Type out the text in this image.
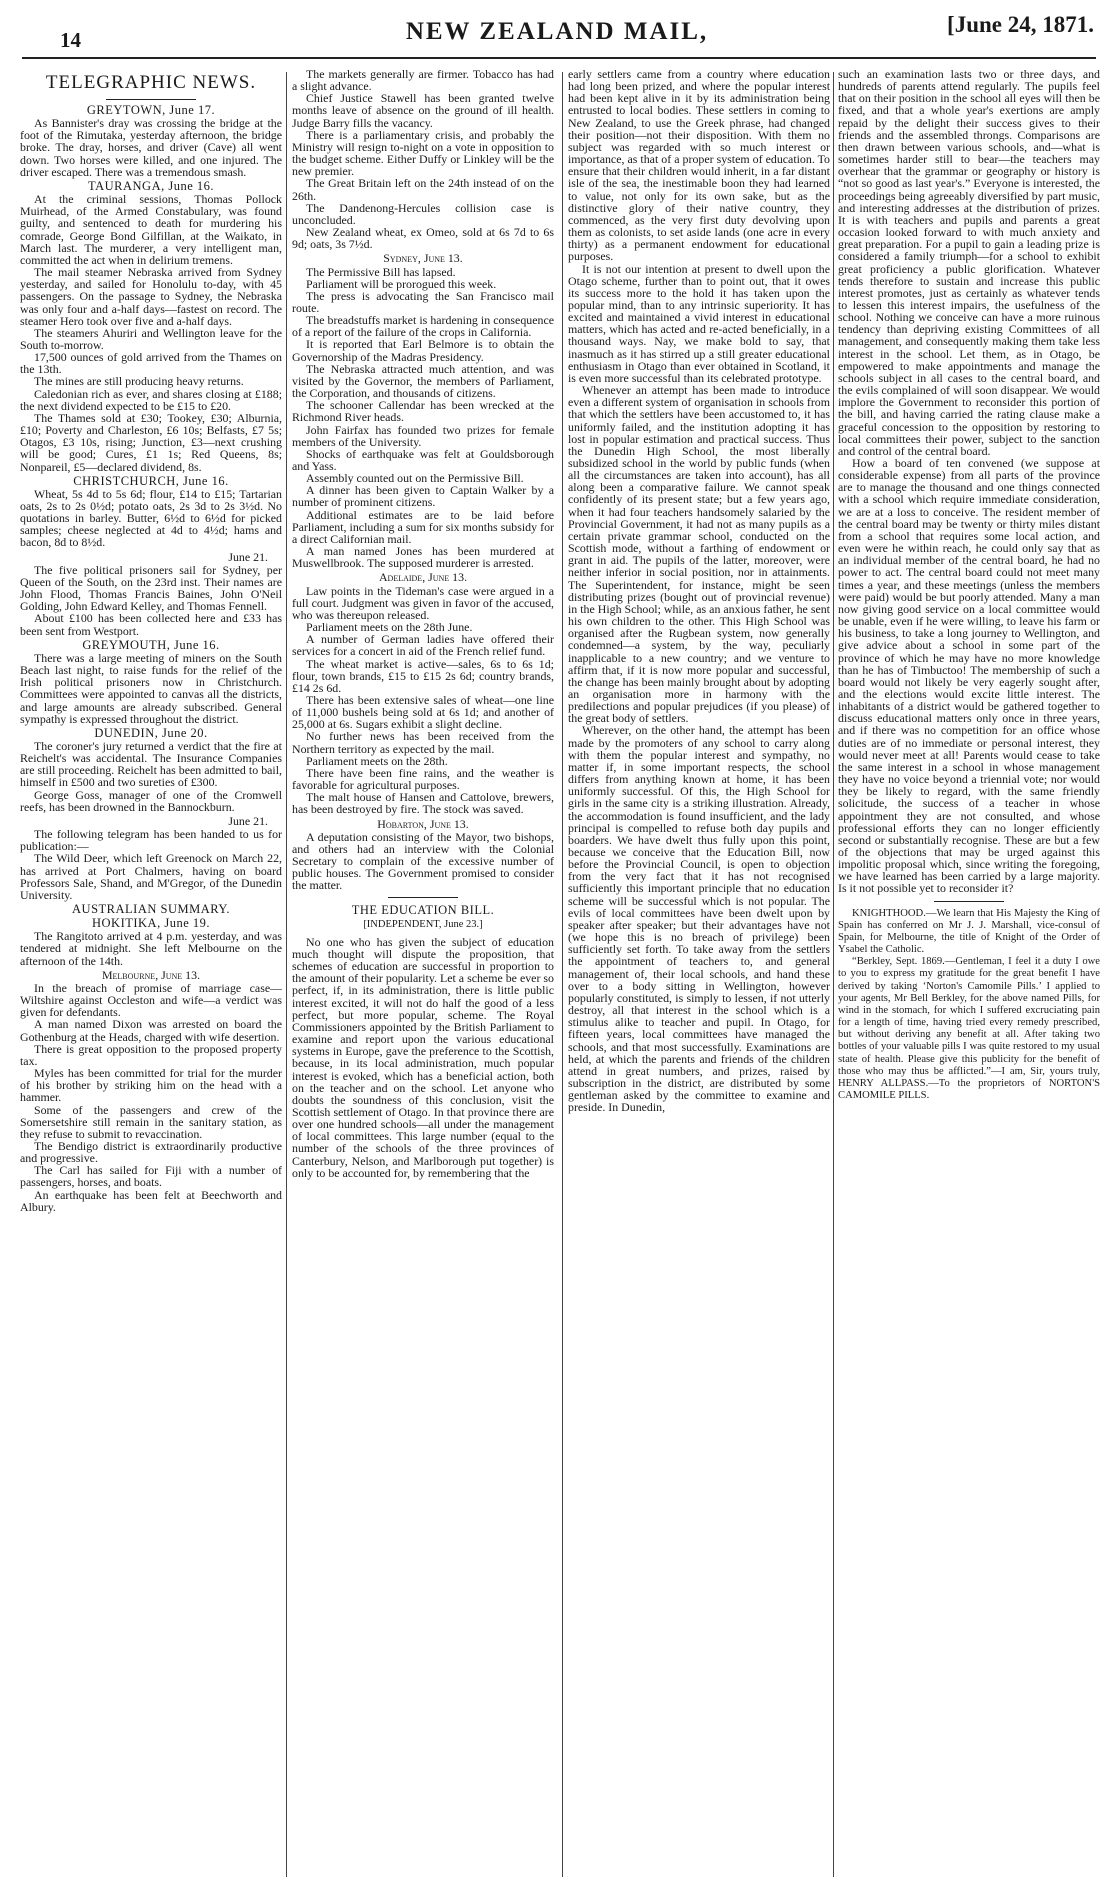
14	NEW ZEALAND MAIL,	[June 24, 1871.
TELEGRAPHIC NEWS.
GREYTOWN, June 17.

As Bannister's dray was crossing the bridge at the foot of the Rimutaka, yesterday afternoon, the bridge broke. The dray, horses, and driver (Cave) all went down. Two horses were killed, and one injured. The driver escaped. There was a tremendous smash.

TAURANGA, June 16.

At the criminal sessions, Thomas Pollock Muirhead, of the Armed Constabulary, was found guilty, and sentenced to death for murdering his comrade, George Bond Gilfillan, at the Waikato, in March last. The murderer, a very intelligent man, committed the act when in delirium tremens.

The mail steamer Nebraska arrived from Sydney yesterday, and sailed for Honolulu to-day, with 45 passengers. On the passage to Sydney, the Nebraska was only four and a-half days—fastest on record. The steamer Hero took over five and a-half days.

The steamers Ahuriri and Wellington leave for the South to-morrow.

17,500 ounces of gold arrived from the Thames on the 13th.

The mines are still producing heavy returns.

Caledonian rich as ever, and shares closing at £188; the next dividend expected to be £15 to £20.

The Thames sold at £30; Tookey, £30; Alburnia, £10; Poverty and Charleston, £6 10s; Belfasts, £7 5s; Otagos, £3 10s, rising; Junction, £3—next crushing will be good; Cures, £1 1s; Red Queens, 8s; Nonpareil, £5—declared dividend, 8s.

CHRISTCHURCH, June 16.

Wheat, 5s 4d to 5s 6d; flour, £14 to £15; Tartarian oats, 2s to 2s 0½d; potato oats, 2s 3d to 2s 3½d. No quotations in barley. Butter, 6½d to 6½d for picked samples; cheese neglected at 4d to 4½d; hams and bacon, 8d to 8½d.

June 21.

The five political prisoners sail for Sydney, per Queen of the South, on the 23rd inst. Their names are John Flood, Thomas Francis Baines, John O'Neil Golding, John Edward Kelley, and Thomas Fennell.

About £100 has been collected here and £33 has been sent from Westport.

GREYMOUTH, June 16.

There was a large meeting of miners on the South Beach last night, to raise funds for the relief of the Irish political prisoners now in Christchurch. Committees were appointed to canvas all the districts, and large amounts are already subscribed. General sympathy is expressed throughout the district.

DUNEDIN, June 20.

The coroner's jury returned a verdict that the fire at Reichelt's was accidental. The Insurance Companies are still proceeding. Reichelt has been admitted to bail, himself in £500 and two sureties of £300.

George Goss, manager of one of the Cromwell reefs, has been drowned in the Bannockburn.

June 21.

The following telegram has been handed to us for publication:—

The Wild Deer, which left Greenock on March 22, has arrived at Port Chalmers, having on board Professors Sale, Shand, and M'Gregor, of the Dunedin University.

AUSTRALIAN SUMMARY.
HOKITIKA, June 19.

The Rangitoto arrived at 4 p.m. yesterday, and was tendered at midnight. She left Melbourne on the afternoon of the 14th.

Melbourne, June 13.

In the breach of promise of marriage case—Wiltshire against Occleston and wife—a verdict was given for defendants.

A man named Dixon was arrested on board the Gothenburg at the Heads, charged with wife desertion.

There is great opposition to the proposed property tax.

Myles has been committed for trial for the murder of his brother by striking him on the head with a hammer.

Some of the passengers and crew of the Somersetshire still remain in the sanitary station, as they refuse to submit to revaccination.

The Bendigo district is extraordinarily productive and progressive.

The Carl has sailed for Fiji with a number of passengers, horses, and boats.

An earthquake has been felt at Beechworth and Albury.

The markets generally are firmer. Tobacco has had a slight advance.

Chief Justice Stawell has been granted twelve months leave of absence on the ground of ill health. Judge Barry fills the vacancy.

There is a parliamentary crisis, and probably the Ministry will resign to-night on a vote in opposition to the budget scheme. Either Duffy or Linkley will be the new premier.

The Great Britain left on the 24th instead of on the 26th.

The Dandenong-Hercules collision case is unconcluded.

New Zealand wheat, ex Omeo, sold at 6s 7d to 6s 9d; oats, 3s 7½d.

Sydney, June 13.

The Permissive Bill has lapsed.

Parliament will be prorogued this week.

The press is advocating the San Francisco mail route.

The breadstuffs market is hardening in consequence of a report of the failure of the crops in California.

It is reported that Earl Belmore is to obtain the Governorship of the Madras Presidency.

The Nebraska attracted much attention, and was visited by the Governor, the members of Parliament, the Corporation, and thousands of citizens.

The schooner Callendar has been wrecked at the Richmond River heads.

John Fairfax has founded two prizes for female members of the University.

Shocks of earthquake was felt at Gouldsborough and Yass.

Assembly counted out on the Permissive Bill.

A dinner has been given to Captain Walker by a number of prominent citizens.

Additional estimates are to be laid before Parliament, including a sum for six months subsidy for a direct Californian mail.

A man named Jones has been murdered at Muswellbrook. The supposed murderer is arrested.

Adelaide, June 13.

Law points in the Tideman's case were argued in a full court. Judgment was given in favor of the accused, who was thereupon released.

Parliament meets on the 28th June.

A number of German ladies have offered their services for a concert in aid of the French relief fund.

The wheat market is active—sales, 6s to 6s 1d; flour, town brands, £15 to £15 2s 6d; country brands, £14 2s 6d.

There has been extensive sales of wheat—one line of 11,000 bushels being sold at 6s 1d; and another of 25,000 at 6s. Sugars exhibit a slight decline.

No further news has been received from the Northern territory as expected by the mail.

Parliament meets on the 28th.

There have been fine rains, and the weather is favorable for agricultural purposes.

The malt house of Hansen and Cattolove, brewers, has been destroyed by fire. The stock was saved.

Hobarton, June 13.

A deputation consisting of the Mayor, two bishops, and others had an interview with the Colonial Secretary to complain of the excessive number of public houses. The Government promised to consider the matter.

THE EDUCATION BILL.
[INDEPENDENT, June 23.]

No one who has given the subject of education much thought will dispute the proposition, that schemes of education are successful in proportion to the amount of their popularity. Let a scheme be ever so perfect, if, in its administration, there is little public interest excited, it will not do half the good of a less perfect, but more popular, scheme. The Royal Commissioners appointed by the British Parliament to examine and report upon the various educational systems in Europe, gave the preference to the Scottish, because, in its local administration, much popular interest is evoked, which has a beneficial action, both on the teacher and on the school. Let anyone who doubts the soundness of this conclusion, visit the Scottish settlement of Otago. In that province there are over one hundred schools—all under the management of local committees. This large number (equal to the number of the schools of the three provinces of Canterbury, Nelson, and Marlborough put together) is only to be accounted for, by remembering that the

early settlers came from a country where education had long been prized, and where the popular interest had been kept alive in it by its administration being entrusted to local bodies. These settlers in coming to New Zealand, to use the Greek phrase, had changed their position—not their disposition. With them no subject was regarded with so much interest or importance, as that of a proper system of education. To ensure that their children would inherit, in a far distant isle of the sea, the inestimable boon they had learned to value, not only for its own sake, but as the distinctive glory of their native country, they commenced, as the very first duty devolving upon them as colonists, to set aside lands (one acre in every thirty) as a permanent endowment for educational purposes.

It is not our intention at present to dwell upon the Otago scheme, further than to point out, that it owes its success more to the hold it has taken upon the popular mind, than to any intrinsic superiority. It has excited and maintained a vivid interest in educational matters, which has acted and re-acted beneficially, in a thousand ways. Nay, we make bold to say, that inasmuch as it has stirred up a still greater educational enthusiasm in Otago than ever obtained in Scotland, it is even more successful than its celebrated prototype.

Whenever an attempt has been made to introduce even a different system of organisation in schools from that which the settlers have been accustomed to, it has uniformly failed, and the institution adopting it has lost in popular estimation and practical success. Thus the Dunedin High School, the most liberally subsidized school in the world by public funds (when all the circumstances are taken into account), has all along been a comparative failure. We cannot speak confidently of its present state; but a few years ago, when it had four teachers handsomely salaried by the Provincial Government, it had not as many pupils as a certain private grammar school, conducted on the Scottish mode, without a farthing of endowment or grant in aid. The pupils of the latter, moreover, were neither inferior in social position, nor in attainments. The Superintendent, for instance, might be seen distributing prizes (bought out of provincial revenue) in the High School; while, as an anxious father, he sent his own children to the other. This High School was organised after the Rugbean system, now generally condemned—a system, by the way, peculiarly inapplicable to a new country; and we venture to affirm that, if it is now more popular and successful, the change has been mainly brought about by adopting an organisation more in harmony with the predilections and popular prejudices (if you please) of the great body of settlers.

Wherever, on the other hand, the attempt has been made by the promoters of any school to carry along with them the popular interest and sympathy, no matter if, in some important respects, the school differs from anything known at home, it has been uniformly successful. Of this, the High School for girls in the same city is a striking illustration. Already, the accommodation is found insufficient, and the lady principal is compelled to refuse both day pupils and boarders. We have dwelt thus fully upon this point, because we conceive that the Education Bill, now before the Provincial Council, is open to objection from the very fact that it has not recognised sufficiently this important principle that no education scheme will be successful which is not popular. The evils of local committees have been dwelt upon by speaker after speaker; but their advantages have not (we hope this is no breach of privilege) been sufficiently set forth. To take away from the settlers the appointment of teachers to, and general management of, their local schools, and hand these over to a body sitting in Wellington, however popularly constituted, is simply to lessen, if not utterly destroy, all that interest in the school which is a stimulus alike to teacher and pupil. In Otago, for fifteen years, local committees have managed the schools, and that most successfully. Examinations are held, at which the parents and friends of the children attend in great numbers, and prizes, raised by subscription in the district, are distributed by some gentleman asked by the committee to examine and preside. In Dunedin,

such an examination lasts two or three days, and hundreds of parents attend regularly. The pupils feel that on their position in the school all eyes will then be fixed, and that a whole year's exertions are amply repaid by the delight their success gives to their friends and the assembled throngs. Comparisons are then drawn between various schools, and—what is sometimes harder still to bear—the teachers may overhear that the grammar or geography or history is “not so good as last year's.” Everyone is interested, the proceedings being agreeably diversified by part music, and interesting addresses at the distribution of prizes. It is with teachers and pupils and parents a great occasion looked forward to with much anxiety and great preparation. For a pupil to gain a leading prize is considered a family triumph—for a school to exhibit great proficiency a public glorification. Whatever tends therefore to sustain and increase this public interest promotes, just as certainly as whatever tends to lessen this interest impairs, the usefulness of the school. Nothing we conceive can have a more ruinous tendency than depriving existing Committees of all management, and consequently making them take less interest in the school. Let them, as in Otago, be empowered to make appointments and manage the schools subject in all cases to the central board, and the evils complained of will soon disappear. We would implore the Government to reconsider this portion of the bill, and having carried the rating clause make a graceful concession to the opposition by restoring to local committees their power, subject to the sanction and control of the central board.

How a board of ten convened (we suppose at considerable expense) from all parts of the province are to manage the thousand and one things connected with a school which require immediate consideration, we are at a loss to conceive. The resident member of the central board may be twenty or thirty miles distant from a school that requires some local action, and even were he within reach, he could only say that as an individual member of the central board, he had no power to act. The central board could not meet many times a year, and these meetings (unless the members were paid) would be but poorly attended. Many a man now giving good service on a local committee would be unable, even if he were willing, to leave his farm or his business, to take a long journey to Wellington, and give advice about a school in some part of the province of which he may have no more knowledge than he has of Timbuctoo! The membership of such a board would not likely be very eagerly sought after, and the elections would excite little interest. The inhabitants of a district would be gathered together to discuss educational matters only once in three years, and if there was no competition for an office whose duties are of no immediate or personal interest, they would never meet at all! Parents would cease to take the same interest in a school in whose management they have no voice beyond a triennial vote; nor would they be likely to regard, with the same friendly solicitude, the success of a teacher in whose appointment they are not consulted, and whose professional efforts they can no longer efficiently second or substantially recognise. These are but a few of the objections that may be urged against this impolitic proposal which, since writing the foregoing, we have learned has been carried by a large majority. Is it not possible yet to reconsider it?

KNIGHTHOOD.—We learn that His Majesty the King of Spain has conferred on Mr J. J. Marshall, vice-consul of Spain, for Melbourne, the title of Knight of the Order of Ysabel the Catholic.

“Berkley, Sept. 1869.—Gentleman, I feel it a duty I owe to you to express my gratitude for the great benefit I have derived by taking ‘Norton's Camomile Pills.’ I applied to your agents, Mr Bell Berkley, for the above named Pills, for wind in the stomach, for which I suffered excruciating pain for a length of time, having tried every remedy prescribed, but without deriving any benefit at all. After taking two bottles of your valuable pills I was quite restored to my usual state of health. Please give this publicity for the benefit of those who may thus be afflicted.”—I am, Sir, yours truly, HENRY ALLPASS.—To the proprietors of NORTON'S CAMOMILE PILLS.
